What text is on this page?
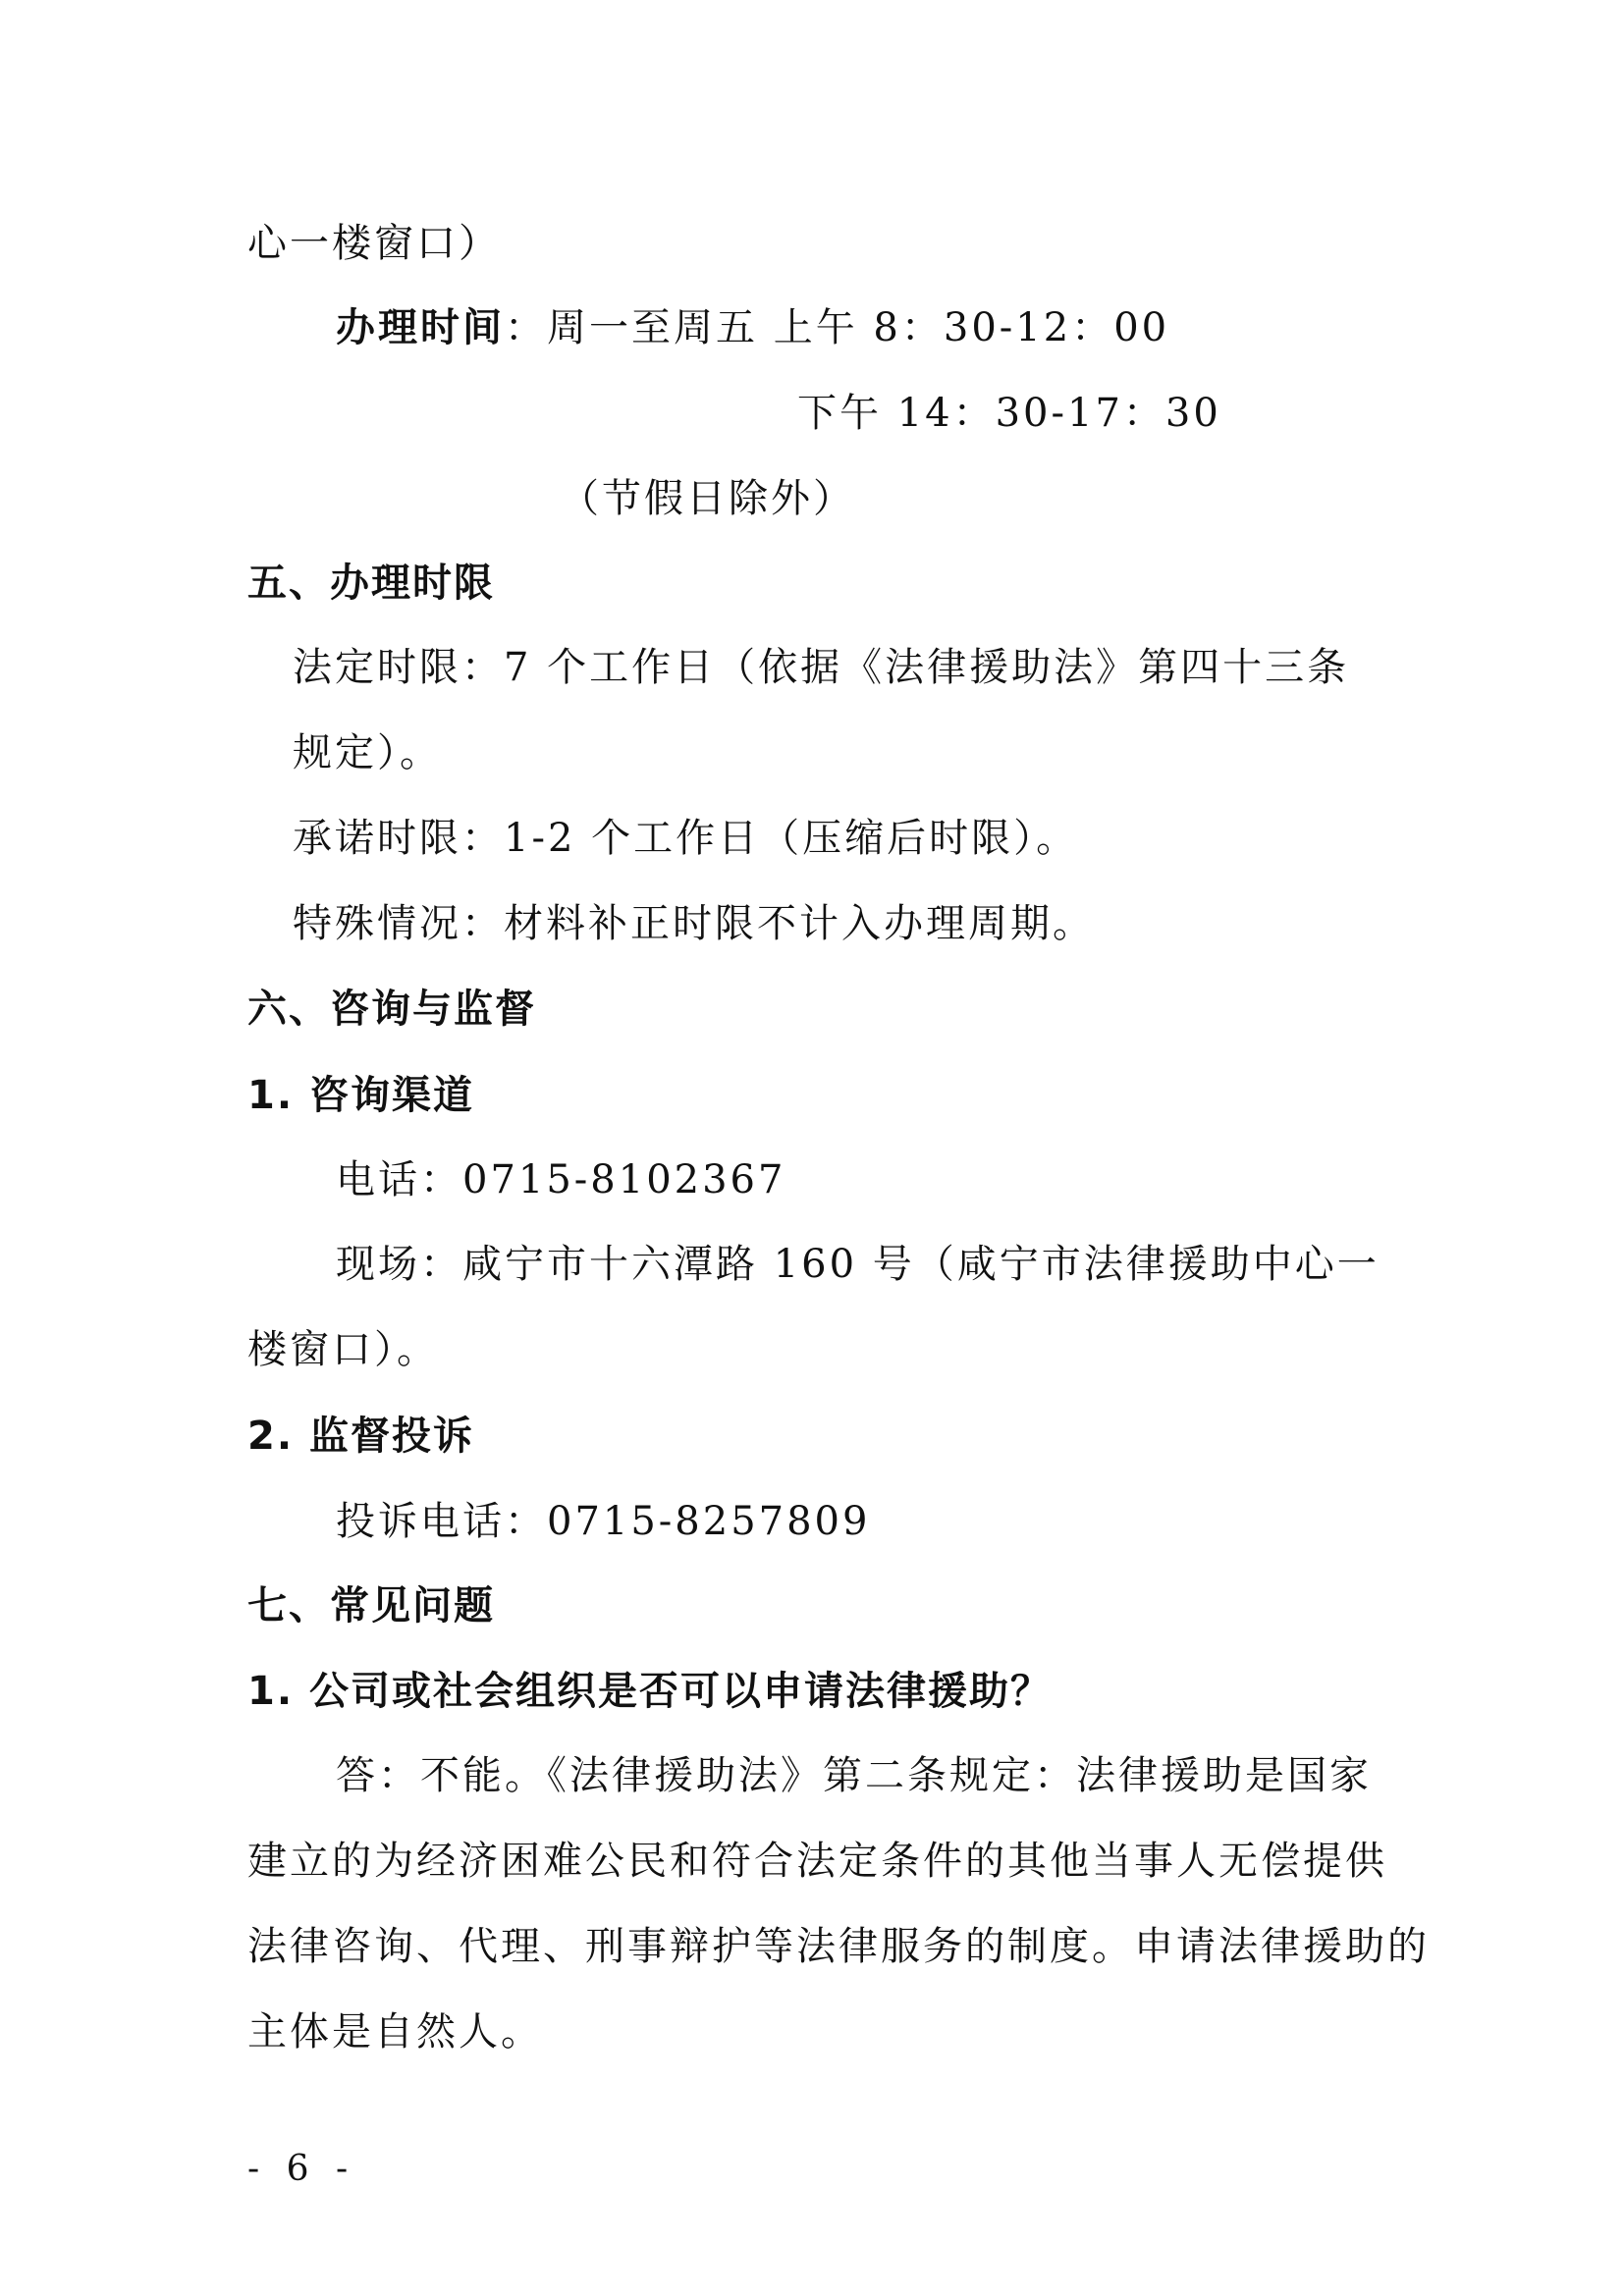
心一楼窗口）
办理时间：周一至周五 上午 8：30-12：00
下午 14：30-17：30
（节假日除外）
五、办理时限
法定时限：7 个工作日（依据《法律援助法》第四十三条
规定）。
承诺时限：1-2 个工作日（压缩后时限）。
特殊情况：材料补正时限不计入办理周期。
六、咨询与监督
1. 咨询渠道
电话：0715-8102367
现场：咸宁市十六潭路 160 号（咸宁市法律援助中心一
楼窗口）。
2. 监督投诉
投诉电话：0715-8257809
七、常见问题
1. 公司或社会组织是否可以申请法律援助？
答：不能。《法律援助法》第二条规定：法律援助是国家
建立的为经济困难公民和符合法定条件的其他当事人无偿提供
法律咨询、代理、刑事辩护等法律服务的制度。申请法律援助的
主体是自然人。
- 6 -
